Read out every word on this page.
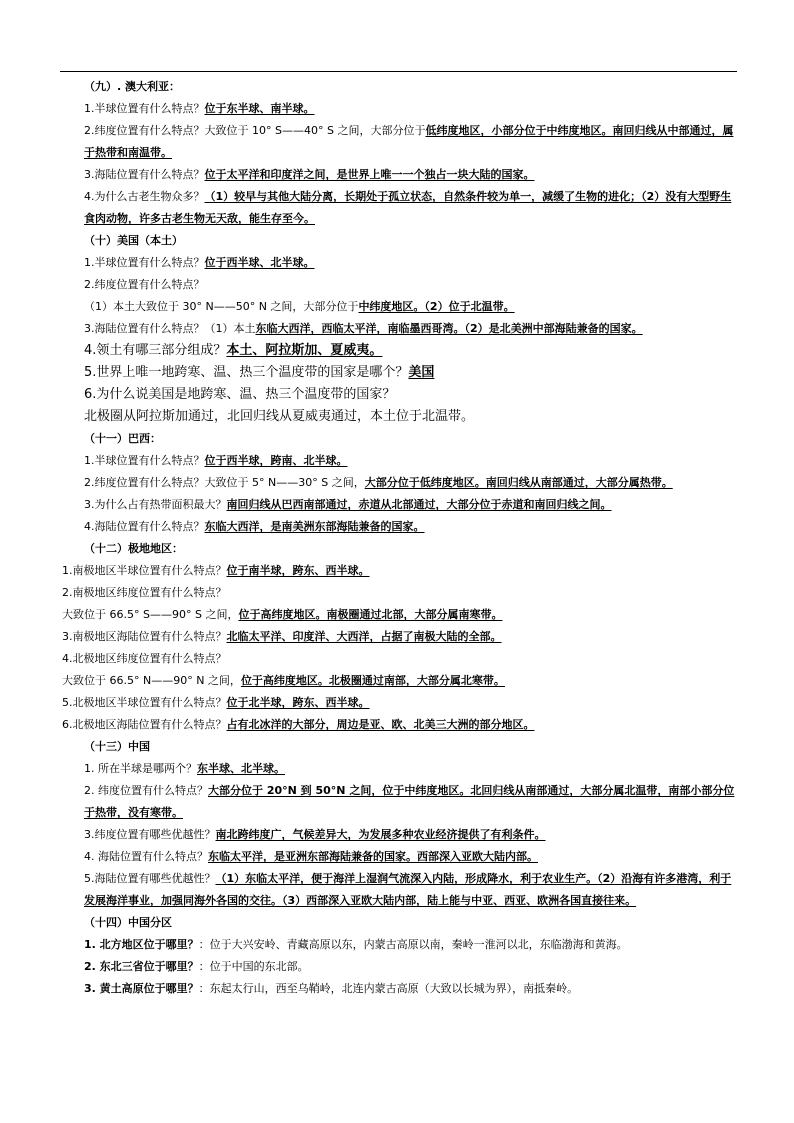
（九）. 澳大利亚：
1.半球位置有什么特点？位于东半球、南半球。
2.纬度位置有什么特点？大致位于 10° S——40° S 之间，大部分位于低纬度地区，小部分位于中纬度地区。南回归线从中部通过，属于热带和南温带。
3.海陆位置有什么特点？位于太平洋和印度洋之间，是世界上唯一一个独占一块大陆的国家。
4.为什么古老生物众多？（1）较早与其他大陆分离，长期处于孤立状态，自然条件较为单一，减缓了生物的进化；（2）没有大型野生食肉动物，许多古老生物无天敌，能生存至今。
（十）美国（本土）
1.半球位置有什么特点？位于西半球、北半球。
2.纬度位置有什么特点？
（1）本土大致位于 30° N——50° N 之间，大部分位于中纬度地区。（2）位于北温带。
3.海陆位置有什么特点？（1）本土东临大西洋，西临太平洋，南临墨西哥湾。（2）是北美洲中部海陆兼备的国家。
4.领土有哪三部分组成？本土、阿拉斯加、夏威夷。
5.世界上唯一地跨寒、温、热三个温度带的国家是哪个？美国
6.为什么说美国是地跨寒、温、热三个温度带的国家？
北极圈从阿拉斯加通过，北回归线从夏威夷通过，本土位于北温带。
（十一）巴西：
1.半球位置有什么特点？位于西半球，跨南、北半球。
2.纬度位置有什么特点？大致位于 5° N——30° S 之间，大部分位于低纬度地区。南回归线从南部通过，大部分属热带。
3.为什么占有热带面积最大？南回归线从巴西南部通过，赤道从北部通过，大部分位于赤道和南回归线之间。
4.海陆位置有什么特点？东临大西洋，是南美洲东部海陆兼备的国家。
（十二）极地地区：
1.南极地区半球位置有什么特点？位于南半球，跨东、西半球。
2.南极地区纬度位置有什么特点？
大致位于 66.5° S——90° S 之间，位于高纬度地区。南极圈通过北部，大部分属南寒带。
3.南极地区海陆位置有什么特点？北临太平洋、印度洋、大西洋，占据了南极大陆的全部。
4.北极地区纬度位置有什么特点？
大致位于 66.5° N——90° N 之间，位于高纬度地区。北极圈通过南部，大部分属北寒带。
5.北极地区半球位置有什么特点？位于北半球，跨东、西半球。
6.北极地区海陆位置有什么特点？占有北冰洋的大部分，周边是亚、欧、北美三大洲的部分地区。
（十三）中国
1. 所在半球是哪两个？东半球、北半球。
2. 纬度位置有什么特点？大部分位于 20°N 到 50°N 之间，位于中纬度地区。北回归线从南部通过，大部分属北温带，南部小部分位于热带，没有寒带。
3.纬度位置有哪些优越性？南北跨纬度广，气候差异大，为发展多种农业经济提供了有利条件。
4. 海陆位置有什么特点？东临太平洋，是亚洲东部海陆兼备的国家。西部深入亚欧大陆内部。
5.海陆位置有哪些优越性？（1）东临太平洋，便于海洋上湿润气流深入内陆，形成降水，利于农业生产。（2）沿海有许多港湾，利于发展海洋事业，加强同海外各国的交往。（3）西部深入亚欧大陆内部，陆上能与中亚、西亚、欧洲各国直接往来。
（十四）中国分区
1. 北方地区位于哪里？：位于大兴安岭、青藏高原以东，内蒙古高原以南，秦岭一淮河以北，东临渤海和黄海。
2. 东北三省位于哪里？：位于中国的东北部。
3. 黄土高原位于哪里？：东起太行山，西至乌鞘岭，北连内蒙古高原（大致以长城为界），南抵秦岭。
